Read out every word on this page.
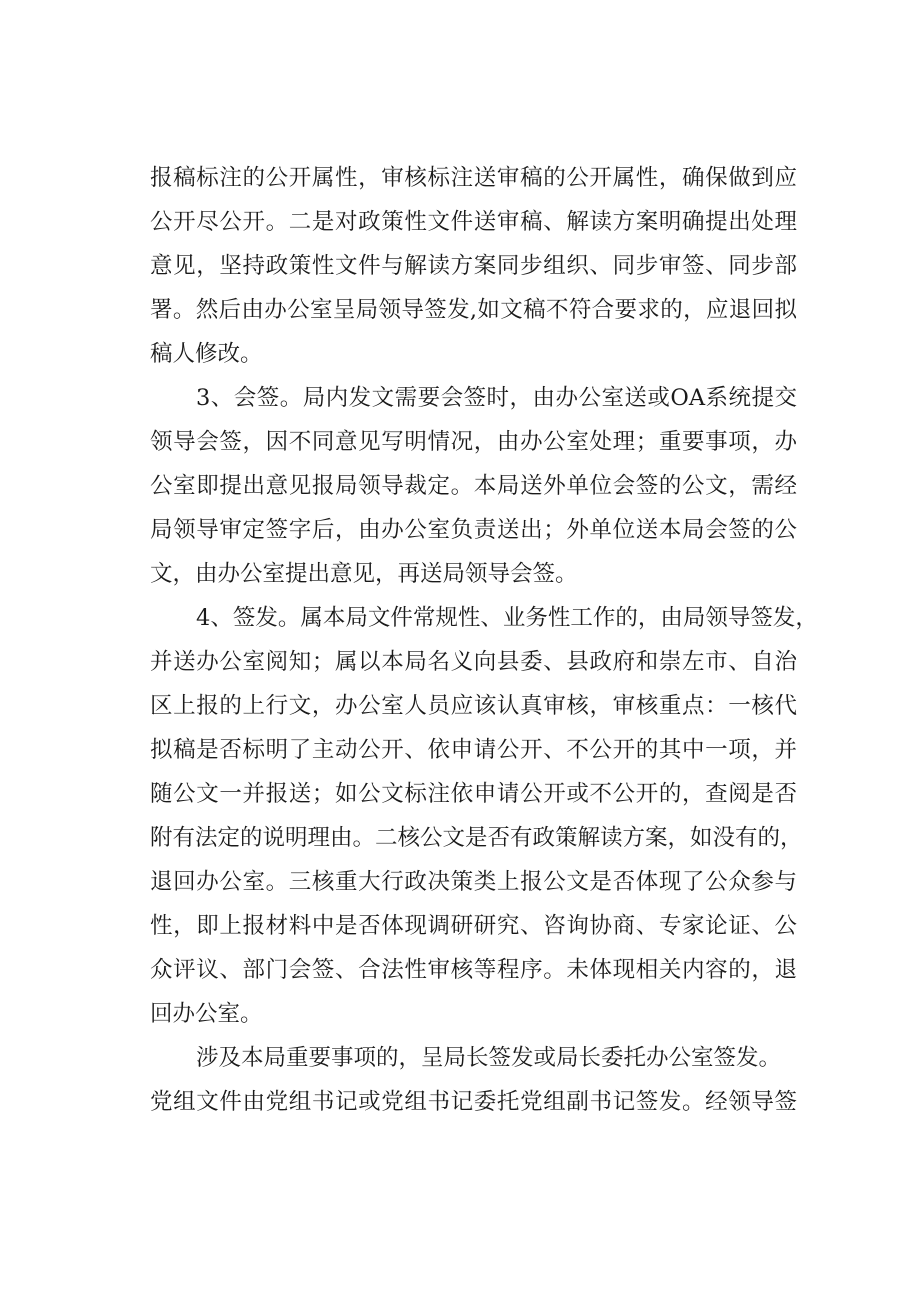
报稿标注的公开属性，审核标注送审稿的公开属性，确保做到应
公开尽公开。二是对政策性文件送审稿、解读方案明确提出处理
意见，坚持政策性文件与解读方案同步组织、同步审签、同步部
署。然后由办公室呈局领导签发,如文稿不符合要求的，应退回拟
稿人修改。
3、会签。局内发文需要会签时，由办公室送或OA系统提交
领导会签，因不同意见写明情况，由办公室处理；重要事项，办
公室即提出意见报局领导裁定。本局送外单位会签的公文，需经
局领导审定签字后，由办公室负责送出；外单位送本局会签的公
文，由办公室提出意见，再送局领导会签。
4、签发。属本局文件常规性、业务性工作的，由局领导签发，
并送办公室阅知；属以本局名义向县委、县政府和崇左市、自治
区上报的上行文，办公室人员应该认真审核，审核重点：一核代
拟稿是否标明了主动公开、依申请公开、不公开的其中一项，并
随公文一并报送；如公文标注依申请公开或不公开的，查阅是否
附有法定的说明理由。二核公文是否有政策解读方案，如没有的，
退回办公室。三核重大行政决策类上报公文是否体现了公众参与
性，即上报材料中是否体现调研研究、咨询协商、专家论证、公
众评议、部门会签、合法性审核等程序。未体现相关内容的，退
回办公室。
涉及本局重要事项的，呈局长签发或局长委托办公室签发。
党组文件由党组书记或党组书记委托党组副书记签发。经领导签
